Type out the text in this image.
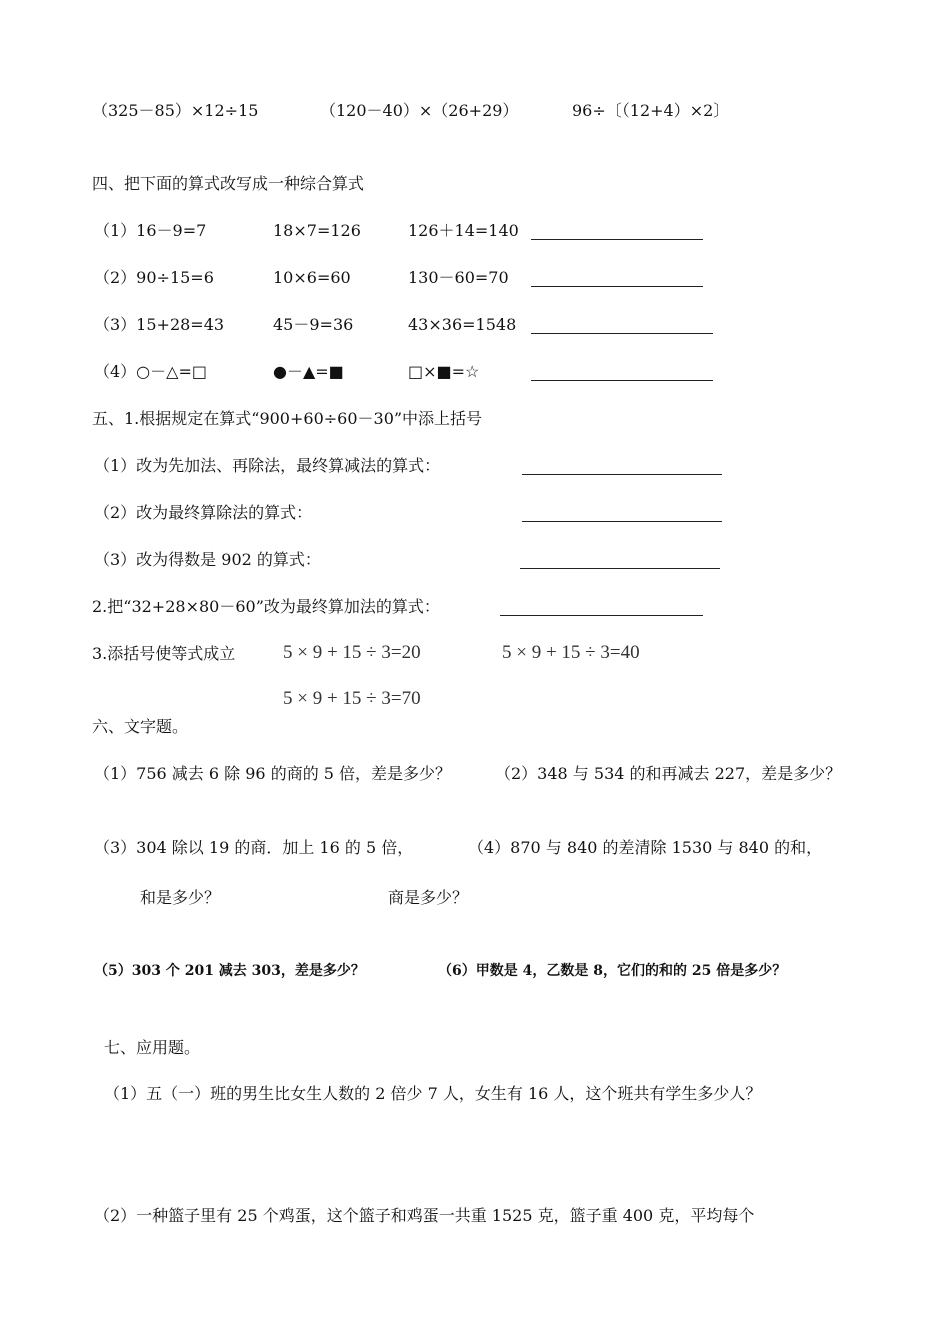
（325－85）×12÷15	（120－40）×（26+29）	96÷〔（12+4）×2〕
四、把下面的算式改写成一种综合算式
（1）16－9=7	18×7=126	126＋14=140
（2）90÷15=6	10×6=60	130－60=70
（3）15+28=43	45－9=36	43×36=1548
（4）○－△=□	●－▲=■	□×■=☆
五、1.根据规定在算式“900+60÷60－30”中添上括号
（1）改为先加法、再除法，最终算减法的算式：
（2）改为最终算除法的算式：
（3）改为得数是 902 的算式：
2.把“32+28×80－60”改为最终算加法的算式：
3.添括号使等式成立	5 × 9 + 15 ÷ 3=20	5 × 9 + 15 ÷ 3=40
5 × 9 + 15 ÷ 3=70
六、文字题。
（1）756 减去 6 除 96 的商的 5 倍，差是多少？	（2）348 与 534 的和再减去 227，差是多少？
（3）304 除以 19 的商．加上 16 的 5 倍，	（4）870 与 840 的差清除 1530 与 840 的和，
和是多少？	商是多少？
（5）303 个 201 减去 303，差是多少？	（6）甲数是 4，乙数是 8，它们的和的 25 倍是多少？
七、应用题。
（1）五（一）班的男生比女生人数的 2 倍少 7 人，女生有 16 人，这个班共有学生多少人？
（2）一种篮子里有 25 个鸡蛋，这个篮子和鸡蛋一共重 1525 克，篮子重 400 克，平均每个
